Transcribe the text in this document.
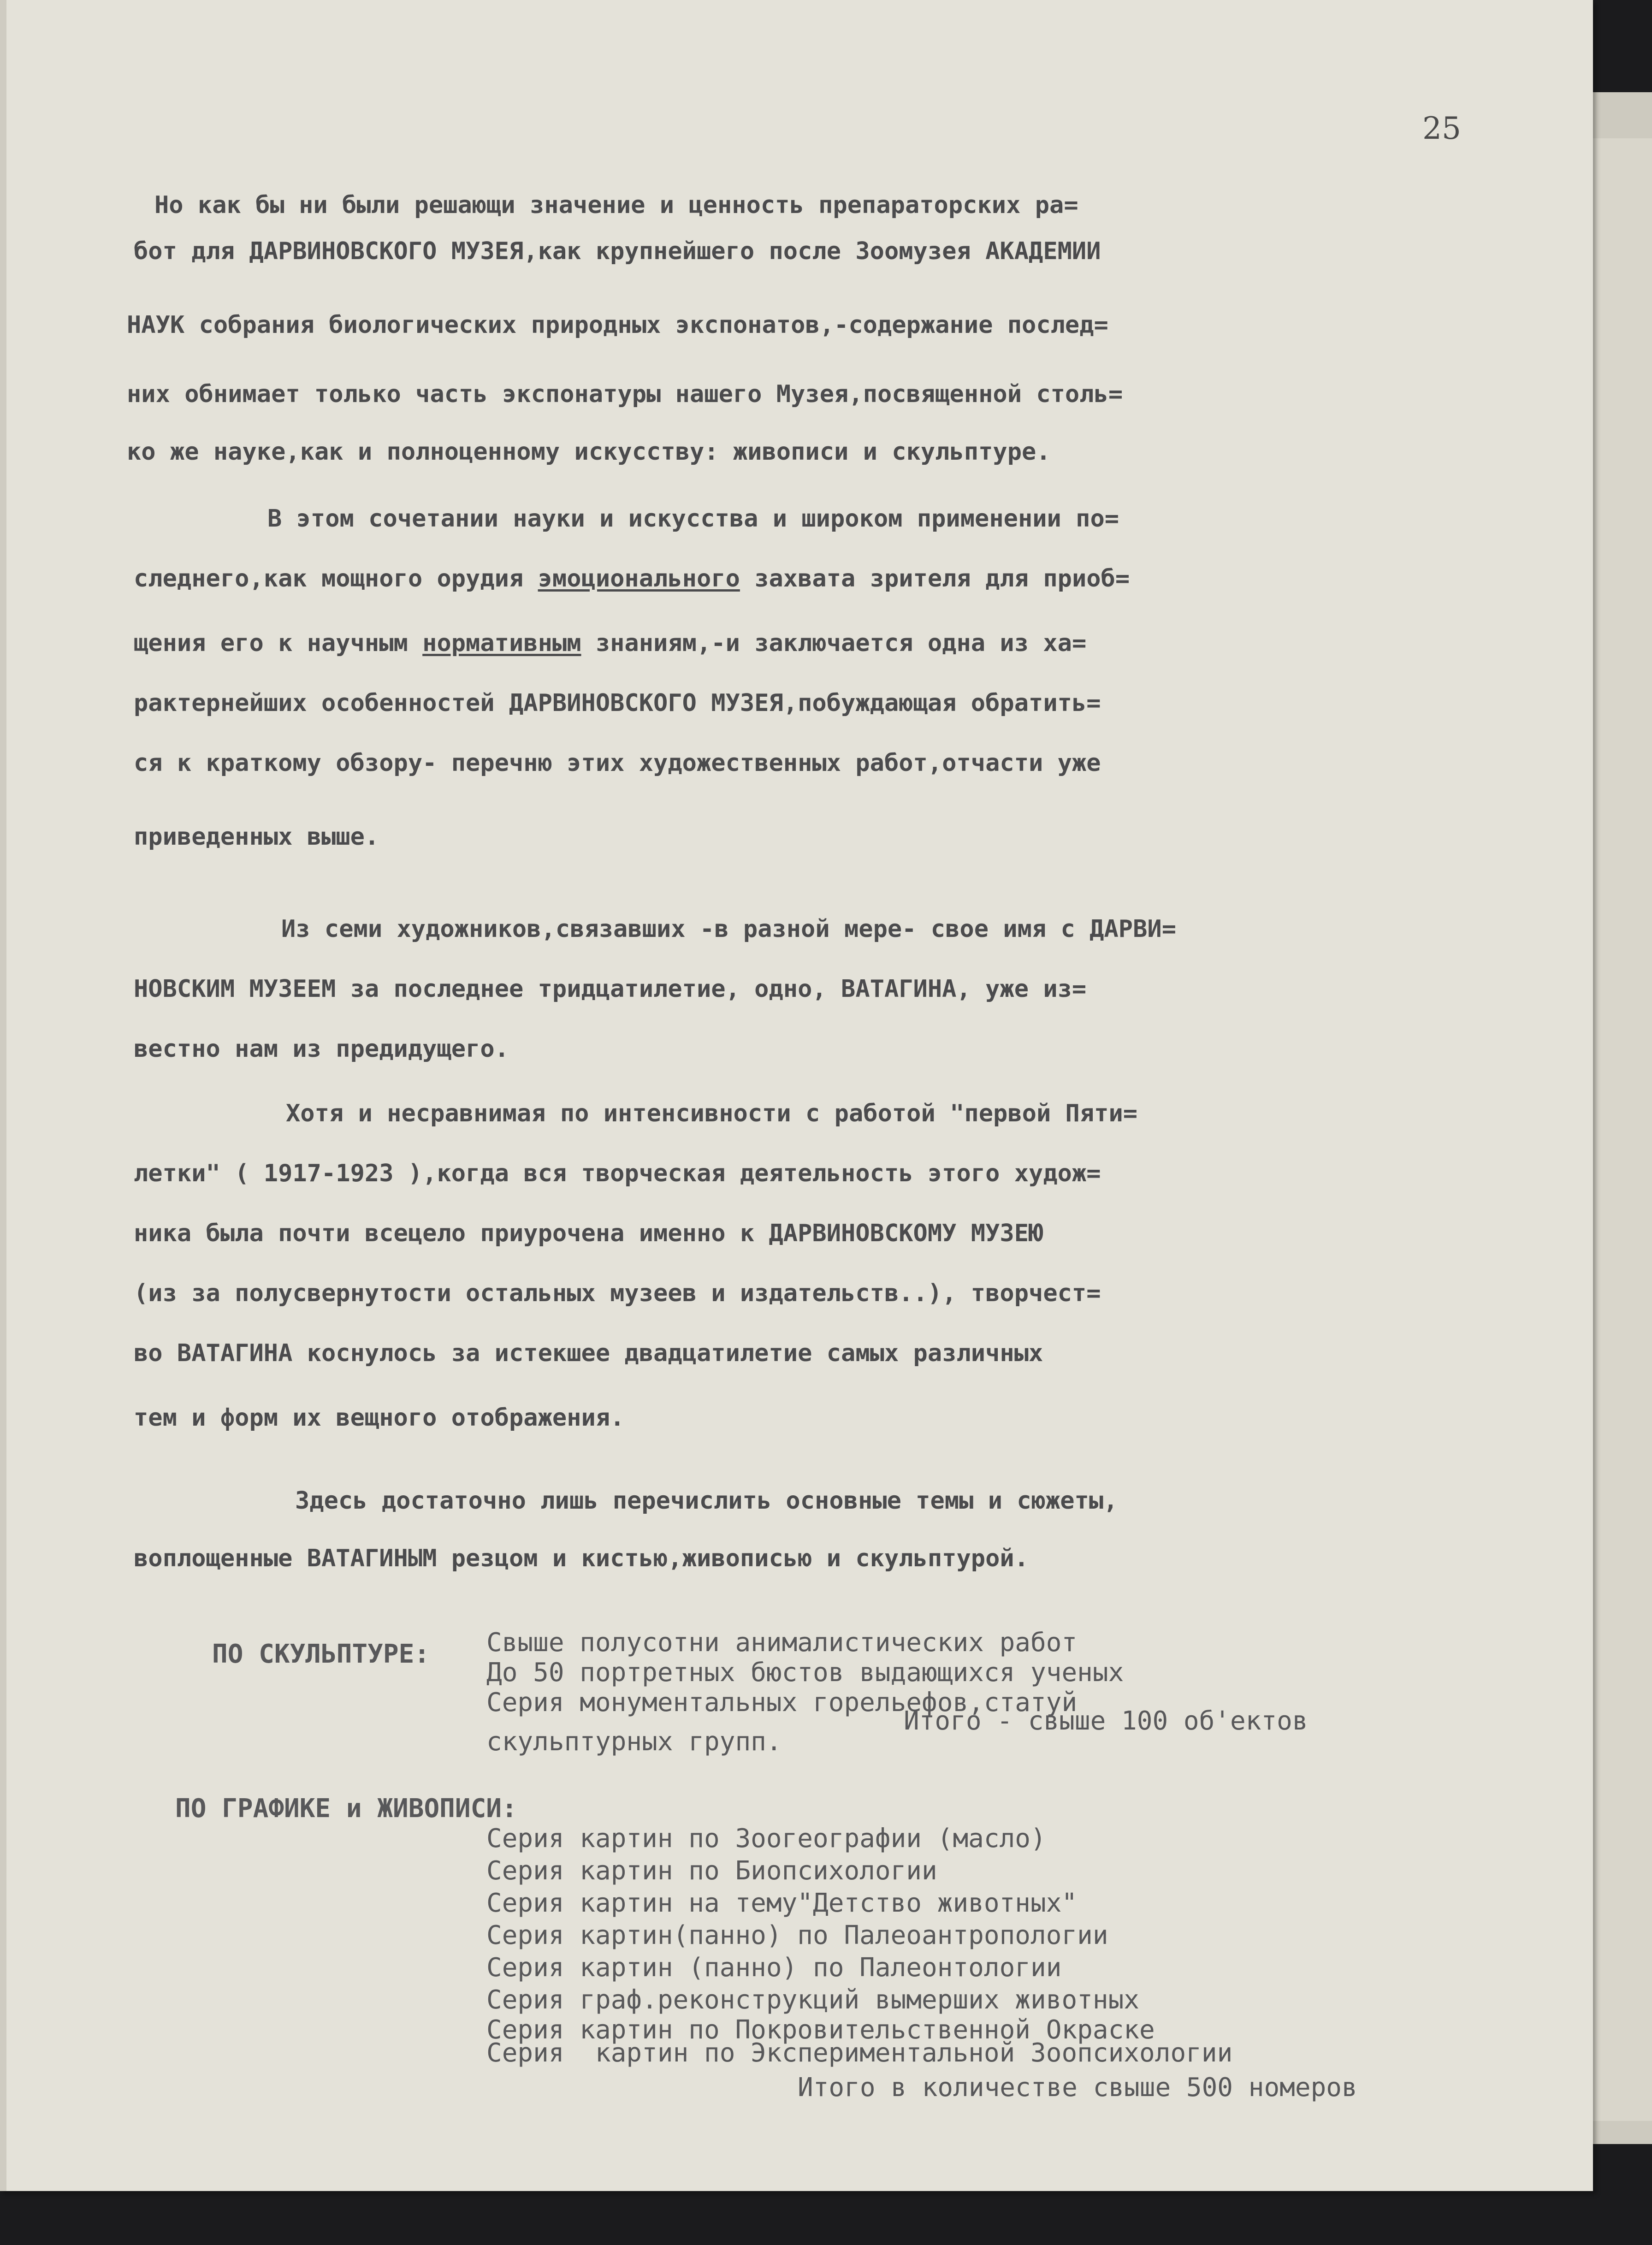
25
Но как бы ни были решающи значение и ценность препараторских ра=
бот для ДАРВИНОВСКОГО МУЗЕЯ,как крупнейшего после Зоомузея АКАДЕМИИ
НАУК собрания биологических природных экспонатов,-содержание послед=
них обнимает только часть экспонатуры нашего Музея,посвященной столь=
ко же науке,как и полноценному искусству: живописи и скульптуре.
В этом сочетании науки и искусства и широком применении по=
следнего,как мощного орудия эмоционального захвата зрителя для приоб=
щения его к научным нормативным знаниям,-и заключается одна из ха=
рактернейших особенностей ДАРВИНОВСКОГО МУЗЕЯ,побуждающая обратить=
ся к краткому обзору- перечню этих художественных работ,отчасти уже
приведенных выше.
Из семи художников,связавших -в разной мере- свое имя с ДАРВИ=
НОВСКИМ МУЗЕЕМ за последнее тридцатилетие, одно, ВАТАГИНА, уже из=
вестно нам из предидущего.
Хотя и несравнимая по интенсивности с работой "первой Пяти=
летки" ( 1917-1923 ),когда вся творческая деятельность этого худож=
ника была почти всецело приурочена именно к ДАРВИНОВСКОМУ МУЗЕЮ
(из за полусвернутости остальных музеев и издательств..), творчест=
во ВАТАГИНА коснулось за истекшее двадцатилетие самых различных
тем и форм их вещного отображения.
Здесь достаточно лишь перечислить основные темы и сюжеты,
воплощенные ВАТАГИНЫМ резцом и кистью,живописью и скульптурой.
ПО СКУЛЬПТУРЕ: Свыше полусотни анималистических работ
До 50 портретных бюстов выдающихся ученых
Серия монументальных горельефов,статуй
скульптурных групп.
Итого - свыше 100 об'ектов
ПО ГРАФИКЕ и ЖИВОПИСИ:
Серия картин по Зоогеографии (масло)
Серия картин по Биопсихологии
Серия картин на тему"Детство животных"
Серия картин(панно) по Палеоантропологии
Серия картин (панно) по Палеонтологии
Серия граф.реконструкций вымерших животных
Серия картин по Покровительственной Окраске
Серия  картин по Экспериментальной Зоопсихологии
Итого в количестве свыше 500 номеров
